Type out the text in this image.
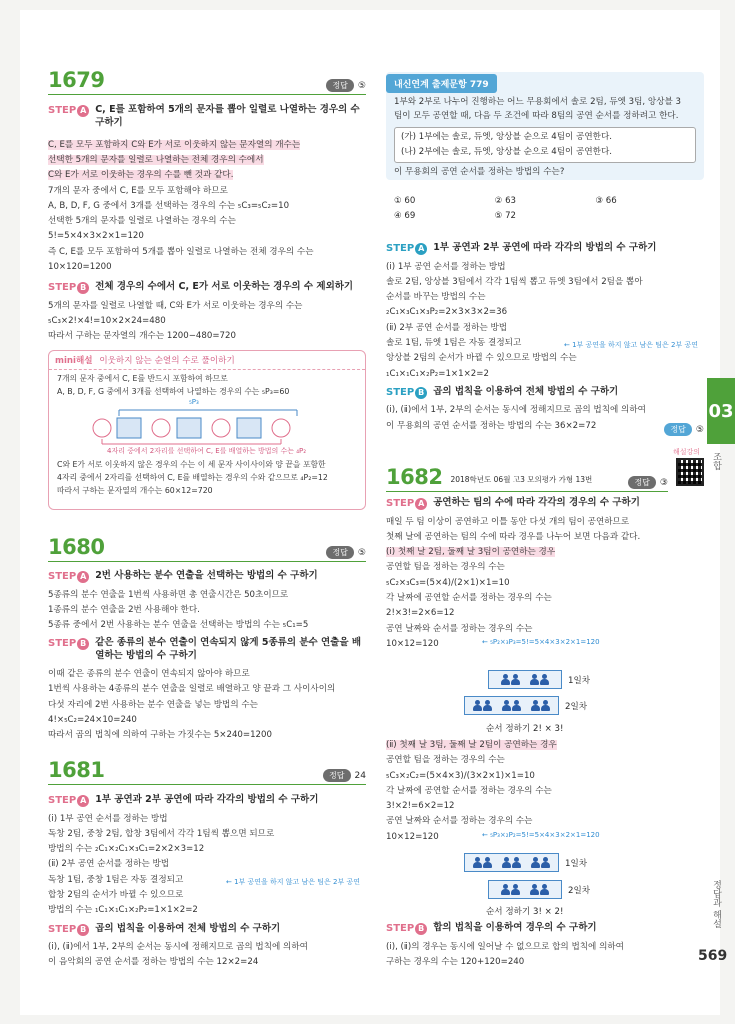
1679	정답	⑤
STEP A C, E를 포함하여 5개의 문자를 뽑아 일렬로 나열하는 경우의 수 구하기
C, E를 모두 포함하지 C와 E가 서로 이웃하지 않는 문자열의 개수는
선택한 5개의 문자를 일렬로 나열하는 전체 경우의 수에서
C와 E가 서로 이웃하는 경우의 수를 뺀 것과 같다.
7개의 문자 중에서 C, E를 모두 포함해야 하므로
A, B, D, F, G 중에서 3개를 선택하는 경우의 수는 ₅C₃=₅C₂=10
선택한 5개의 문자를 일렬로 나열하는 경우의 수는
5!=5×4×3×2×1=120
즉 C, E를 모두 포함하여 5개를 뽑아 일렬로 나열하는 전체 경우의 수는
10×120=1200
STEP B 전체 경우의 수에서 C, E가 서로 이웃하는 경우의 수 제외하기
5개의 문자를 일렬로 나열할 때, C와 E가 서로 이웃하는 경우의 수는
₅C₃×2!×4!=10×2×24=480
따라서 구하는 문자열의 개수는 1200−480=720
mini해설 이웃하지 않는 순열의 수로 풀이하기
7개의 문자 중에서 C, E를 반드시 포함하여 하므로
A, B, D, F, G 중에서 3개를 선택하여 나열하는 경우의 수는 ₅P₃=60
₅P₃
4자리 중에서 2자리를 선택하여 C, E를 배열하는 방법의 수는 ₄P₂
C와 E가 서로 이웃하지 않은 경우의 수는 이 세 문자 사이사이와 양 끝을 포함한
4자리 중에서 2자리를 선택하여 C, E를 배열하는 경우의 수와 같으므로 ₄P₂=12
따라서 구하는 문자열의 개수는 60×12=720
1680	정답	⑤
STEP A 2번 사용하는 분수 연출을 선택하는 방법의 수 구하기
5종류의 분수 연출을 1번씩 사용하면 총 연출시간은 50초이므로
1종류의 분수 연출을 2번 사용해야 한다.
5종류 중에서 2번 사용하는 분수 연출을 선택하는 방법의 수는 ₅C₁=5
STEP B 같은 종류의 분수 연출이 연속되지 않게 5종류의 분수 연출을 배열하는 방법의 수 구하기
이때 같은 종류의 분수 연출이 연속되지 않아야 하므로
1번씩 사용하는 4종류의 분수 연출을 일렬로 배열하고 양 끝과 그 사이사이의
다섯 자리에 2번 사용하는 분수 연출을 넣는 방법의 수는
4!×₅C₂=24×10=240
따라서 곱의 법칙에 의하여 구하는 가짓수는 5×240=1200
1681	정답	24
STEP A 1부 공연과 2부 공연에 따라 각각의 방법의 수 구하기
(ⅰ) 1부 공연 순서를 정하는 방법
독창 2팀, 중창 2팀, 합창 3팀에서 각각 1팀씩 뽑으면 되므로
방법의 수는 ₂C₁×₂C₁×₃C₁=2×2×3=12
(ⅱ) 2부 공연 순서를 정하는 방법
독창 1팀, 중창 1팀은 자동 결정되고
합창 2팀의 순서가 바뀔 수 있으므로
방법의 수는 ₁C₁×₁C₁×₂P₂=1×1×2=2
← 1부 공연을 하지 않고 남은 팀은 2부 공연
STEP B 곱의 법칙을 이용하여 전체 방법의 수 구하기
(ⅰ), (ⅱ)에서 1부, 2부의 순서는 동시에 정해지므로 곱의 법칙에 의하여
이 음악회의 공연 순서를 정하는 방법의 수는 12×2=24
내신연계 출제문항 779
1부와 2부로 나누어 진행하는 어느 무용회에서 솔로 2팀, 듀엣 3팀, 앙상블 3
팀이 모두 공연할 때, 다음 두 조건에 따라 8팀의 공연 순서를 정하려고 한다.
(가) 1부에는 솔로, 듀엣, 앙상블 순으로 4팀이 공연한다.
(나) 2부에는 솔로, 듀엣, 앙상블 순으로 4팀이 공연한다.
이 무용회의 공연 순서를 정하는 방법의 수는?
① 60	② 63	③ 66
④ 69	⑤ 72
STEP A 1부 공연과 2부 공연에 따라 각각의 방법의 수 구하기
(ⅰ) 1부 공연 순서를 정하는 방법
솔로 2팀, 앙상블 3팀에서 각각 1팀씩 뽑고 듀엣 3팀에서 2팀을 뽑아
순서를 바꾸는 방법의 수는
₂C₁×₃C₁×₃P₂=2×3×3×2=36
(ⅱ) 2부 공연 순서를 정하는 방법
솔로 1팀, 듀엣 1팀은 자동 결정되고
앙상블 2팀의 순서가 바뀔 수 있으므로 방법의 수는
₁C₁×₁C₁×₂P₂=1×1×2=2
← 1부 공연을 하지 않고 남은 팀은 2부 공연
STEP B 곱의 법칙을 이용하여 전체 방법의 수 구하기
(ⅰ), (ⅱ)에서 1부, 2부의 순서는 동시에 정해지므로 곱의 법칙에 의하여
이 무용회의 공연 순서를 정하는 방법의 수는 36×2=72	정답	⑤
1682 2018학년도 06월 고3 모의평가 가형 13번	정답	③
해설강의
STEP A 공연하는 팀의 수에 따라 각각의 경우의 수 구하기
매일 두 팀 이상이 공연하고 이틀 동안 다섯 개의 팀이 공연하므로
첫째 날에 공연하는 팀의 수에 따라 경우를 나누어 보면 다음과 같다.
(ⅰ) 첫째 날 2팀, 둘째 날 3팀이 공연하는 경우
공연할 팀을 정하는 경우의 수는
₅C₂×₃C₃=(5×4)/(2×1)×1=10
각 날짜에 공연할 순서를 정하는 경우의 수는
2!×3!=2×6=12
공연 날짜와 순서를 정하는 경우의 수는
10×12=120	← ₅P₂×₃P₃=5!=5×4×3×2×1=120
1일차
2일차
순서 정하기 2! × 3!
(ⅱ) 첫째 날 3팀, 둘째 날 2팀이 공연하는 경우
공연할 팀을 정하는 경우의 수는
₅C₃×₂C₂=(5×4×3)/(3×2×1)×1=10
각 날짜에 공연할 순서를 정하는 경우의 수는
3!×2!=6×2=12
공연 날짜와 순서를 정하는 경우의 수는
10×12=120	← ₅P₃×₂P₂=5!=5×4×3×2×1=120
1일차
2일차
순서 정하기 3! × 2!
STEP B 합의 법칙을 이용하여 경우의 수 구하기
(ⅰ), (ⅱ)의 경우는 동시에 일어날 수 없으므로 합의 법칙에 의하여
구하는 경우의 수는 120+120=240
03
조합
정답과 해설
569
